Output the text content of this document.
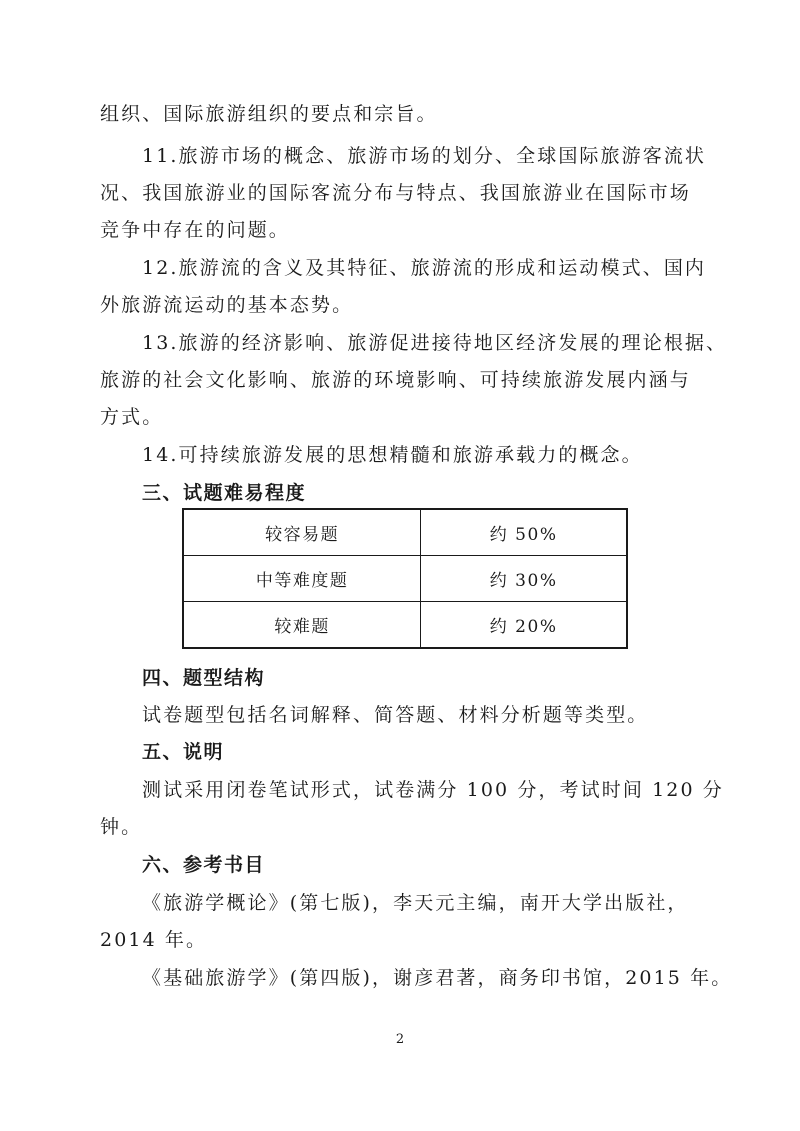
组织、国际旅游组织的要点和宗旨。
11.旅游市场的概念、旅游市场的划分、全球国际旅游客流状
况、我国旅游业的国际客流分布与特点、我国旅游业在国际市场
竞争中存在的问题。
12.旅游流的含义及其特征、旅游流的形成和运动模式、国内
外旅游流运动的基本态势。
13.旅游的经济影响、旅游促进接待地区经济发展的理论根据、
旅游的社会文化影响、旅游的环境影响、可持续旅游发展内涵与
方式。
14.可持续旅游发展的思想精髓和旅游承载力的概念。
三、试题难易程度
较容易题	约 50%
中等难度题	约 30%
较难题	约 20%
四、题型结构
试卷题型包括名词解释、简答题、材料分析题等类型。
五、说明
测试采用闭卷笔试形式，试卷满分 100 分，考试时间 120 分
钟。
六、参考书目
《旅游学概论》(第七版)，李天元主编，南开大学出版社，
2014 年。
《基础旅游学》(第四版)，谢彦君著，商务印书馆，2015 年。
2
